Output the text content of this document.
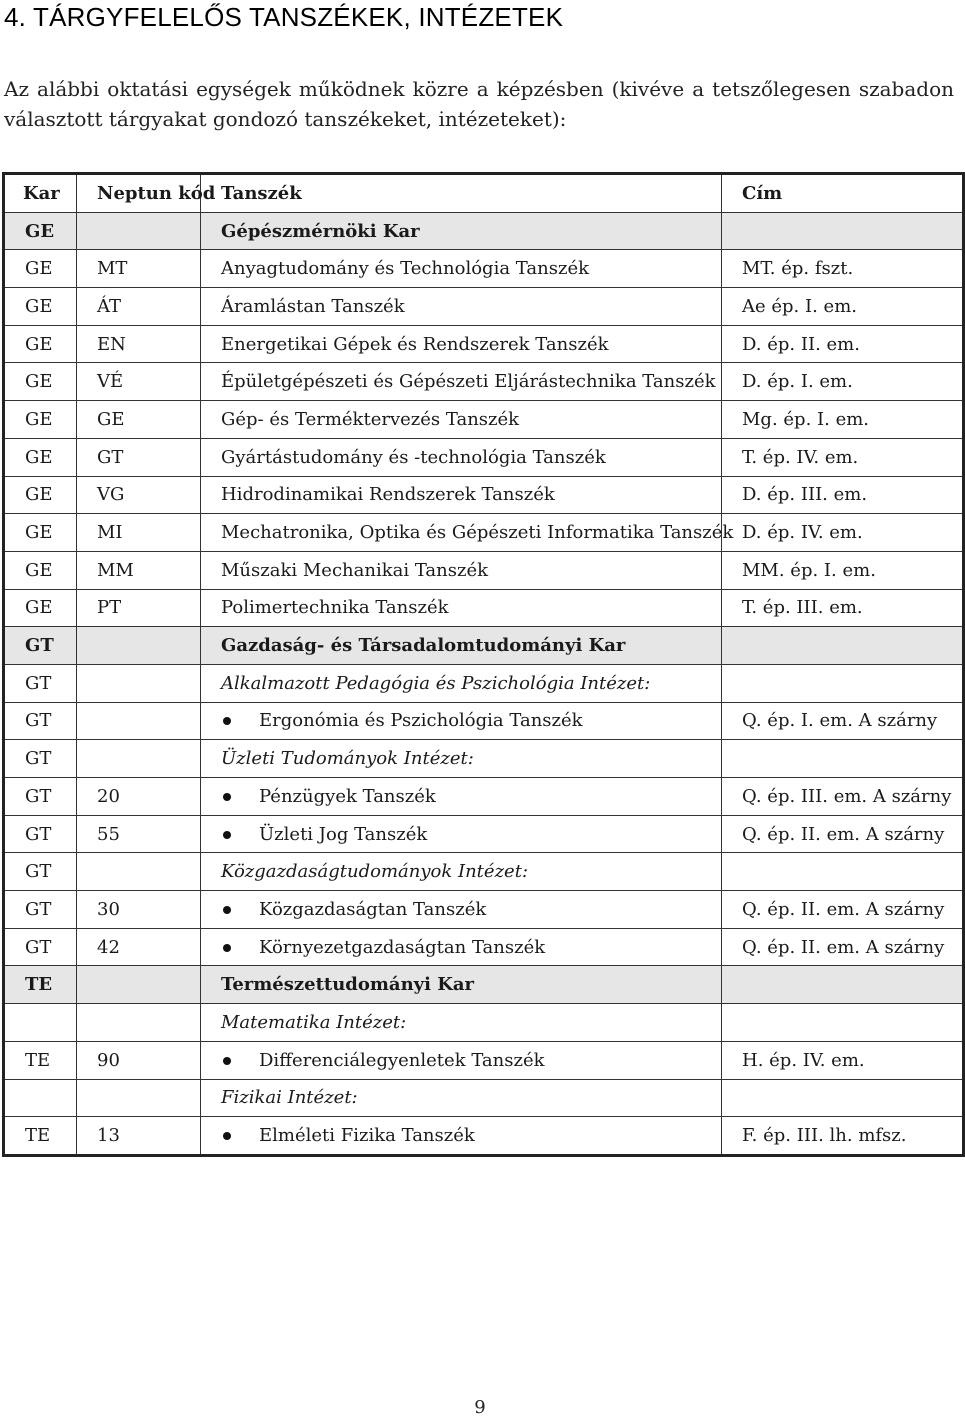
4. TÁRGYFELELŐS TANSZÉKEK, INTÉZETEK
Az alábbi oktatási egységek működnek közre a képzésben (kivéve a tetszőlegesen szabadon választott tárgyakat gondozó tanszékeket, intézeteket):
Kar	Neptun kód	Tanszék	Cím
GE		Gépészmérnöki Kar	
GE	MT	Anyagtudomány és Technológia Tanszék	MT. ép. fszt.
GE	ÁT	Áramlástan Tanszék	Ae ép. I. em.
GE	EN	Energetikai Gépek és Rendszerek Tanszék	D. ép. II. em.
GE	VÉ	Épületgépészeti és Gépészeti Eljárástechnika Tanszék	D. ép. I. em.
GE	GE	Gép- és Terméktervezés Tanszék	Mg. ép. I. em.
GE	GT	Gyártástudomány és -technológia Tanszék	T. ép. IV. em.
GE	VG	Hidrodinamikai Rendszerek Tanszék	D. ép. III. em.
GE	MI	Mechatronika, Optika és Gépészeti Informatika Tanszék	D. ép. IV. em.
GE	MM	Műszaki Mechanikai Tanszék	MM. ép. I. em.
GE	PT	Polimertechnika Tanszék	T. ép. III. em.
GT		Gazdaság- és Társadalomtudományi Kar	
GT		Alkalmazott Pedagógia és Pszichológia Intézet:	
GT		Ergonómia és Pszichológia Tanszék	Q. ép. I. em. A szárny
GT		Üzleti Tudományok Intézet:	
GT	20	Pénzügyek Tanszék	Q. ép. III. em. A szárny
GT	55	Üzleti Jog Tanszék	Q. ép. II. em. A szárny
GT		Közgazdaságtudományok Intézet:	
GT	30	Közgazdaságtan Tanszék	Q. ép. II. em. A szárny
GT	42	Környezetgazdaságtan Tanszék	Q. ép. II. em. A szárny
TE		Természettudományi Kar	
		Matematika Intézet:	
TE	90	Differenciálegyenletek Tanszék	H. ép. IV. em.
		Fizikai Intézet:	
TE	13	Elméleti Fizika Tanszék	F. ép. III. lh. mfsz.
9
